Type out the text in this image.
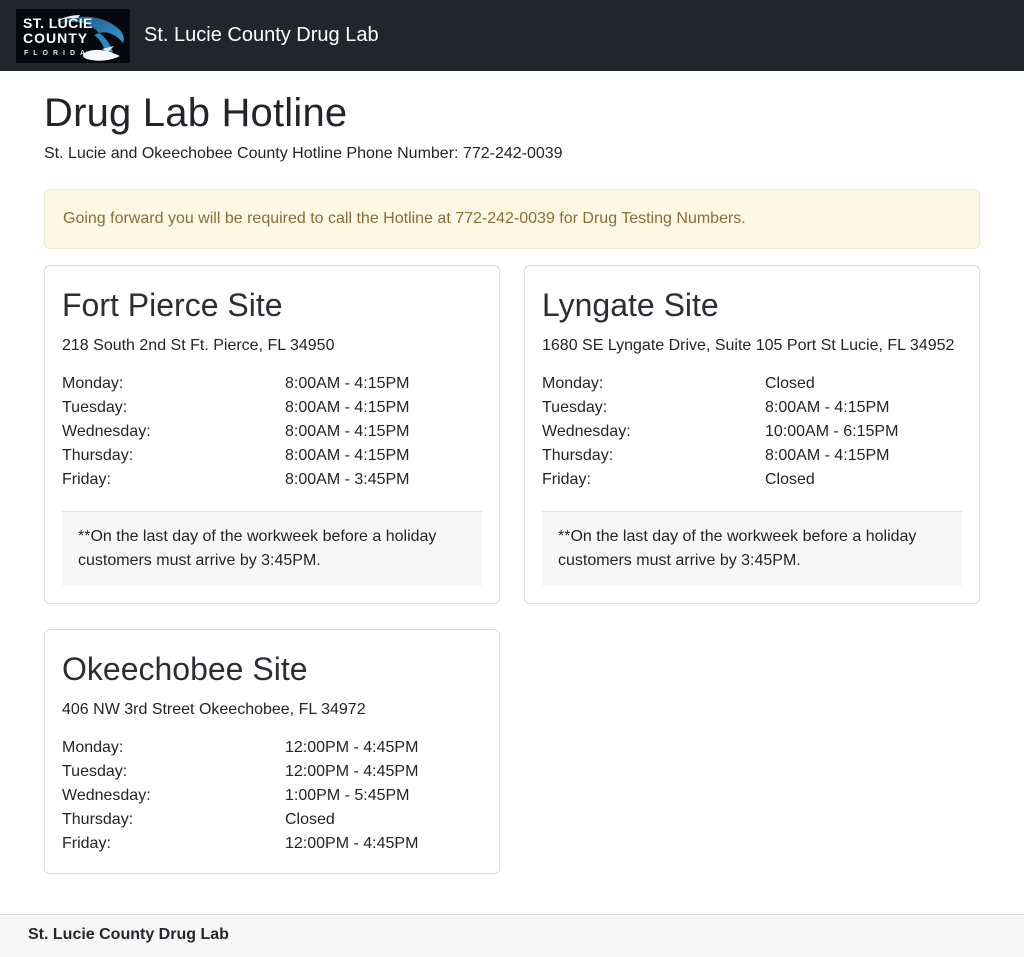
ST. LUCIE
COUNTY
FLORIDA
St. Lucie County Drug Lab
Drug Lab Hotline

St. Lucie and Okeechobee County Hotline Phone Number: 772-242-0039

Going forward you will be required to call the Hotline at 772-242-0039 for Drug Testing Numbers.
Fort Pierce Site

218 South 2nd St Ft. Pierce, FL 34950

Monday:	8:00AM - 4:15PM
Tuesday:	8:00AM - 4:15PM
Wednesday:	8:00AM - 4:15PM
Thursday:	8:00AM - 4:15PM
Friday:	8:00AM - 3:45PM
**On the last day of the workweek before a holiday customers must arrive by 3:45PM.
Lyngate Site

1680 SE Lyngate Drive, Suite 105 Port St Lucie, FL 34952

Monday:	Closed
Tuesday:	8:00AM - 4:15PM
Wednesday:	10:00AM - 6:15PM
Thursday:	8:00AM - 4:15PM
Friday:	Closed
**On the last day of the workweek before a holiday customers must arrive by 3:45PM.
Okeechobee Site

406 NW 3rd Street Okeechobee, FL 34972

Monday:	12:00PM - 4:45PM
Tuesday:	12:00PM - 4:45PM
Wednesday:	1:00PM - 5:45PM
Thursday:	Closed
Friday:	12:00PM - 4:45PM
St. Lucie County Drug Lab
